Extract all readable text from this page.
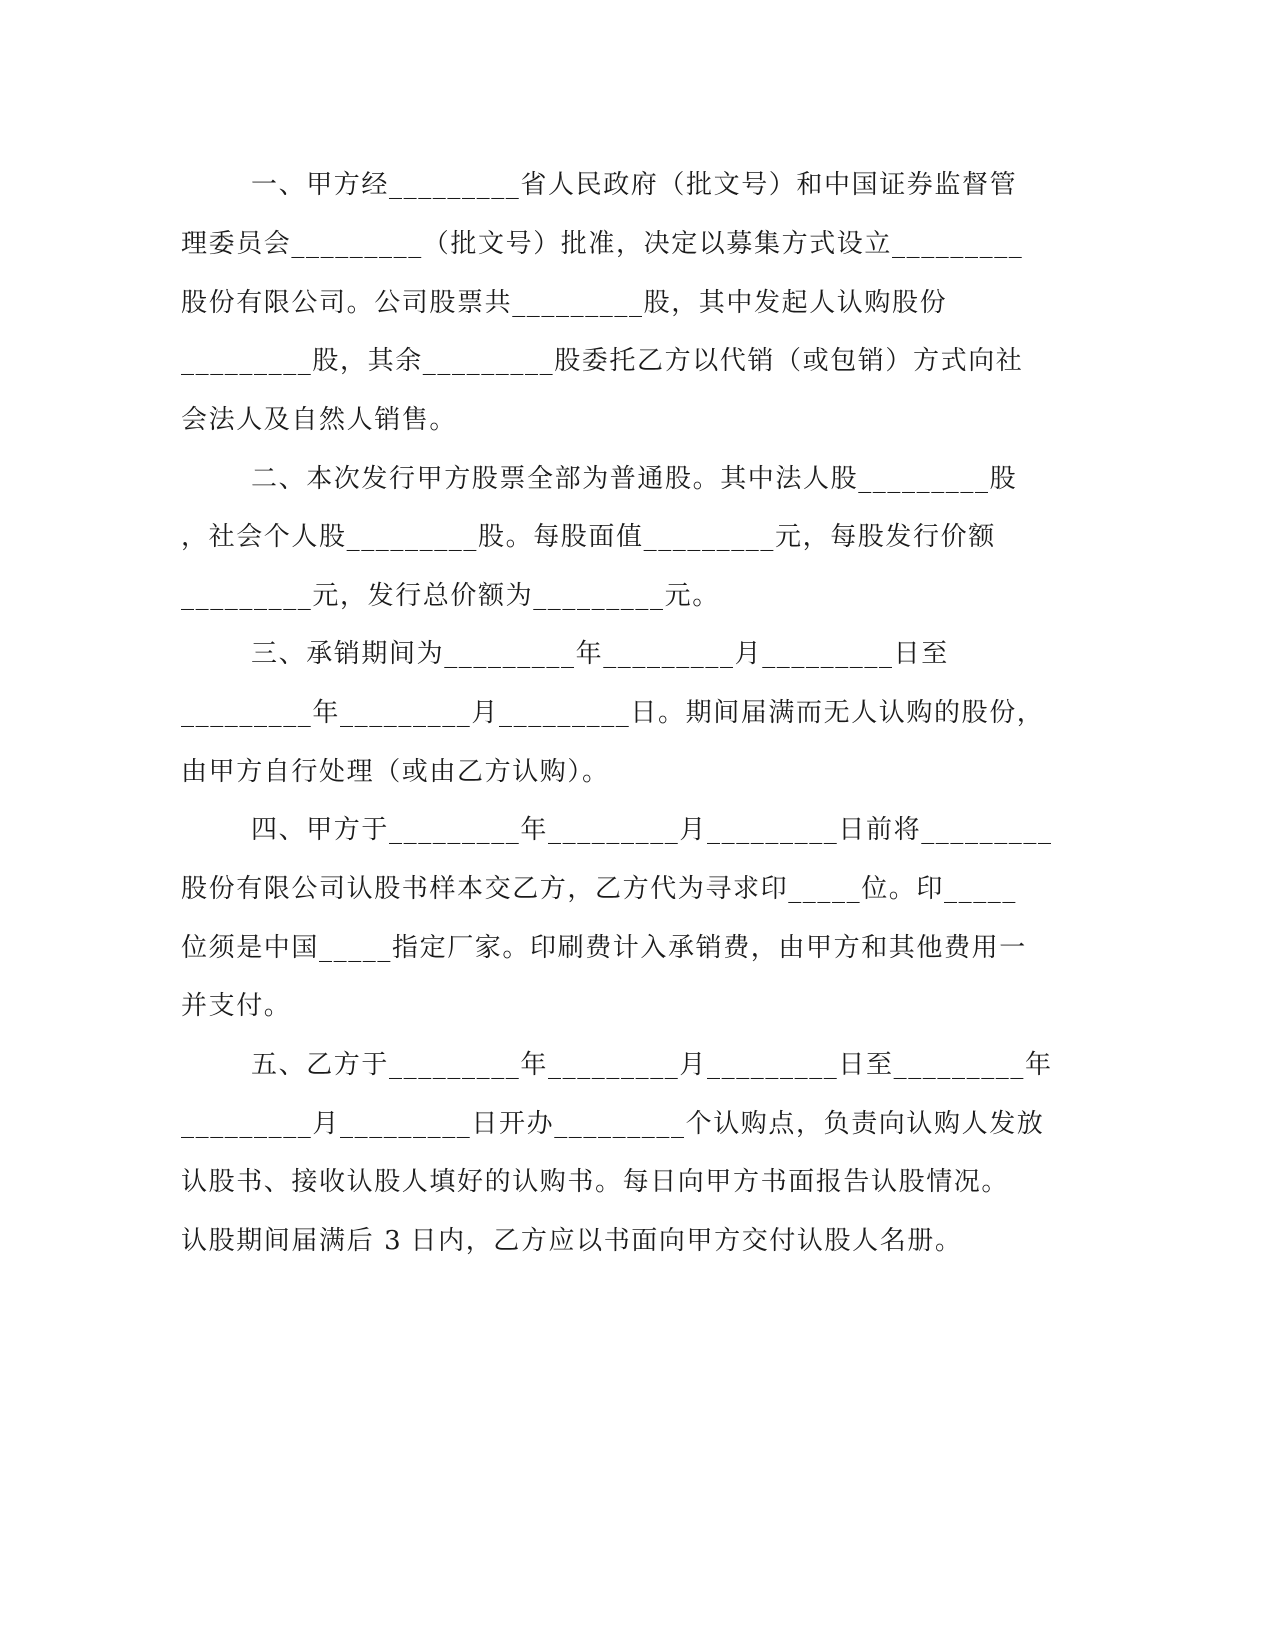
一、甲方经_________省人民政府（批文号）和中国证券监督管
理委员会_________（批文号）批准，决定以募集方式设立_________
股份有限公司。公司股票共_________股，其中发起人认购股份
_________股，其余_________股委托乙方以代销（或包销）方式向社
会法人及自然人销售。
二、本次发行甲方股票全部为普通股。其中法人股_________股
，社会个人股_________股。每股面值_________元，每股发行价额
_________元，发行总价额为_________元。
三、承销期间为_________年_________月_________日至
_________年_________月_________日。期间届满而无人认购的股份，
由甲方自行处理（或由乙方认购）。
四、甲方于_________年_________月_________日前将_________
股份有限公司认股书样本交乙方，乙方代为寻求印_____位。印_____
位须是中国_____指定厂家。印刷费计入承销费，由甲方和其他费用一
并支付。
五、乙方于_________年_________月_________日至_________年
_________月_________日开办_________个认购点，负责向认购人发放
认股书、接收认股人填好的认购书。每日向甲方书面报告认股情况。
认股期间届满后 3 日内，乙方应以书面向甲方交付认股人名册。
